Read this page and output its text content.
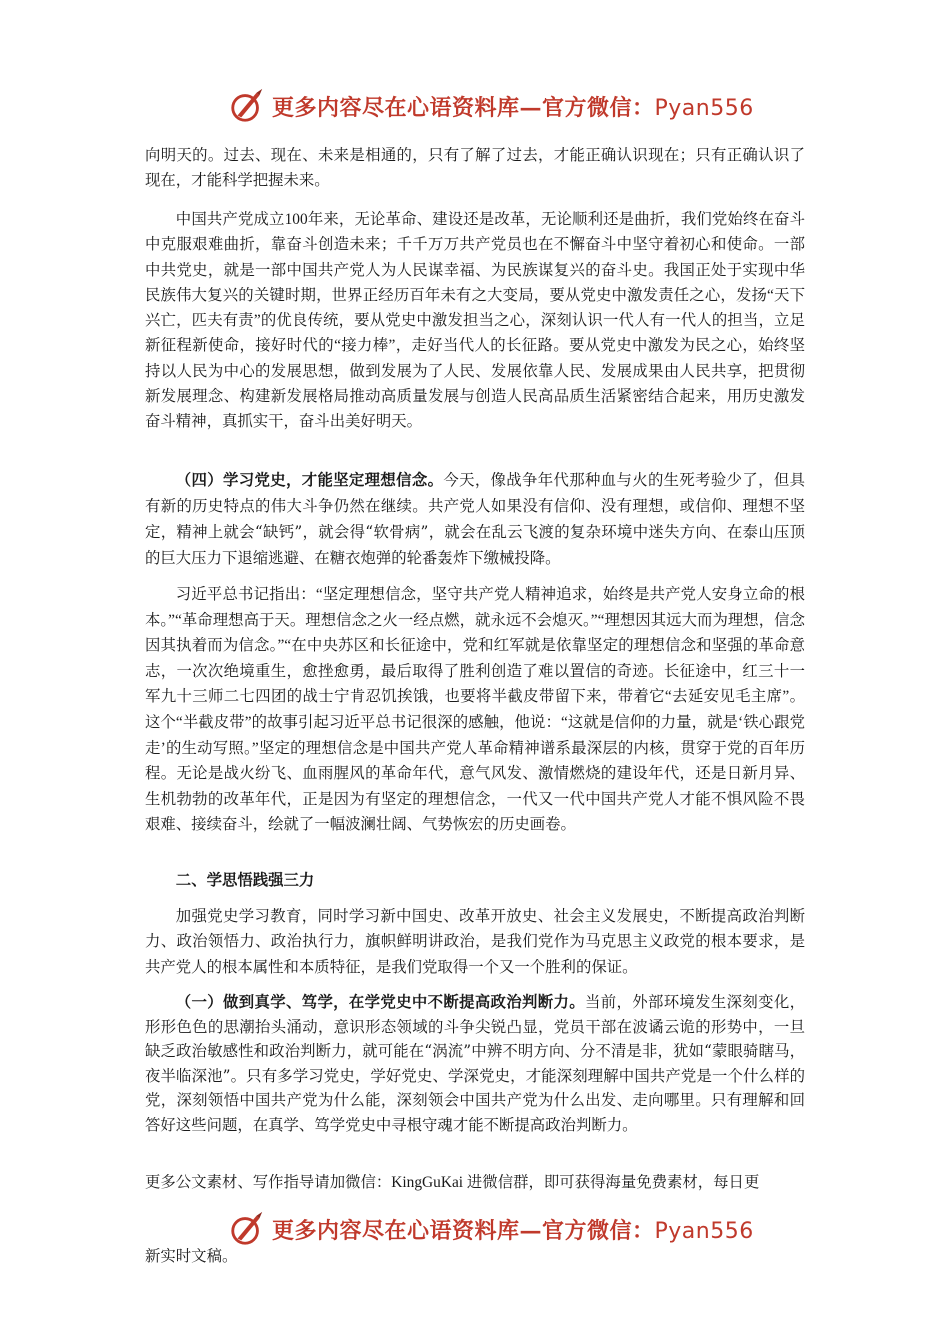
更多内容尽在心语资料库—官方微信：Pyan556

向明天的。过去、现在、未来是相通的，只有了解了过去，才能正确认识现在；只有正确认识了现在，才能科学把握未来。

中国共产党成立100年来，无论革命、建设还是改革，无论顺利还是曲折，我们党始终在奋斗中克服艰难曲折，靠奋斗创造未来；千千万万共产党员也在不懈奋斗中坚守着初心和使命。一部中共党史，就是一部中国共产党人为人民谋幸福、为民族谋复兴的奋斗史。我国正处于实现中华民族伟大复兴的关键时期，世界正经历百年未有之大变局，要从党史中激发责任之心，发扬“天下兴亡，匹夫有责”的优良传统，要从党史中激发担当之心，深刻认识一代人有一代人的担当，立足新征程新使命，接好时代的“接力棒”，走好当代人的长征路。要从党史中激发为民之心，始终坚持以人民为中心的发展思想，做到发展为了人民、发展依靠人民、发展成果由人民共享，把贯彻新发展理念、构建新发展格局推动高质量发展与创造人民高品质生活紧密结合起来，用历史激发奋斗精神，真抓实干，奋斗出美好明天。

（四）学习党史，才能坚定理想信念。今天，像战争年代那种血与火的生死考验少了，但具有新的历史特点的伟大斗争仍然在继续。共产党人如果没有信仰、没有理想，或信仰、理想不坚定，精神上就会“缺钙”，就会得“软骨病”，就会在乱云飞渡的复杂环境中迷失方向、在泰山压顶的巨大压力下退缩逃避、在糖衣炮弹的轮番轰炸下缴械投降。

习近平总书记指出：“坚定理想信念，坚守共产党人精神追求，始终是共产党人安身立命的根本。”“革命理想高于天。理想信念之火一经点燃，就永远不会熄灭。”“理想因其远大而为理想，信念因其执着而为信念。”“在中央苏区和长征途中，党和红军就是依靠坚定的理想信念和坚强的革命意志，一次次绝境重生，愈挫愈勇，最后取得了胜利创造了难以置信的奇迹。长征途中，红三十一军九十三师二七四团的战士宁肯忍饥挨饿，也要将半截皮带留下来，带着它“去延安见毛主席”。这个“半截皮带”的故事引起习近平总书记很深的感触，他说：“这就是信仰的力量，就是‘铁心跟党走’的生动写照。”坚定的理想信念是中国共产党人革命精神谱系最深层的内核，贯穿于党的百年历程。无论是战火纷飞、血雨腥风的革命年代，意气风发、激情燃烧的建设年代，还是日新月异、生机勃勃的改革年代，正是因为有坚定的理想信念，一代又一代中国共产党人才能不惧风险不畏艰难、接续奋斗，绘就了一幅波澜壮阔、气势恢宏的历史画卷。

二、学思悟践强三力

加强党史学习教育，同时学习新中国史、改革开放史、社会主义发展史，不断提高政治判断力、政治领悟力、政治执行力，旗帜鲜明讲政治，是我们党作为马克思主义政党的根本要求，是共产党人的根本属性和本质特征，是我们党取得一个又一个胜利的保证。

（一）做到真学、笃学，在学党史中不断提高政治判断力。当前，外部环境发生深刻变化，形形色色的思潮抬头涌动，意识形态领域的斗争尖锐凸显，党员干部在波谲云诡的形势中，一旦缺乏政治敏感性和政治判断力，就可能在“涡流”中辨不明方向、分不清是非，犹如“蒙眼骑瞎马，夜半临深池”。只有多学习党史，学好党史、学深党史，才能深刻理解中国共产党是一个什么样的党，深刻领悟中国共产党为什么能，深刻领会中国共产党为什么出发、走向哪里。只有理解和回答好这些问题，在真学、笃学党史中寻根守魂才能不断提高政治判断力。

更多公文素材、写作指导请加微信：KingGuKai 进微信群，即可获得海量免费素材，每日更
更多内容尽在心语资料库—官方微信：Pyan556
新实时文稿。
